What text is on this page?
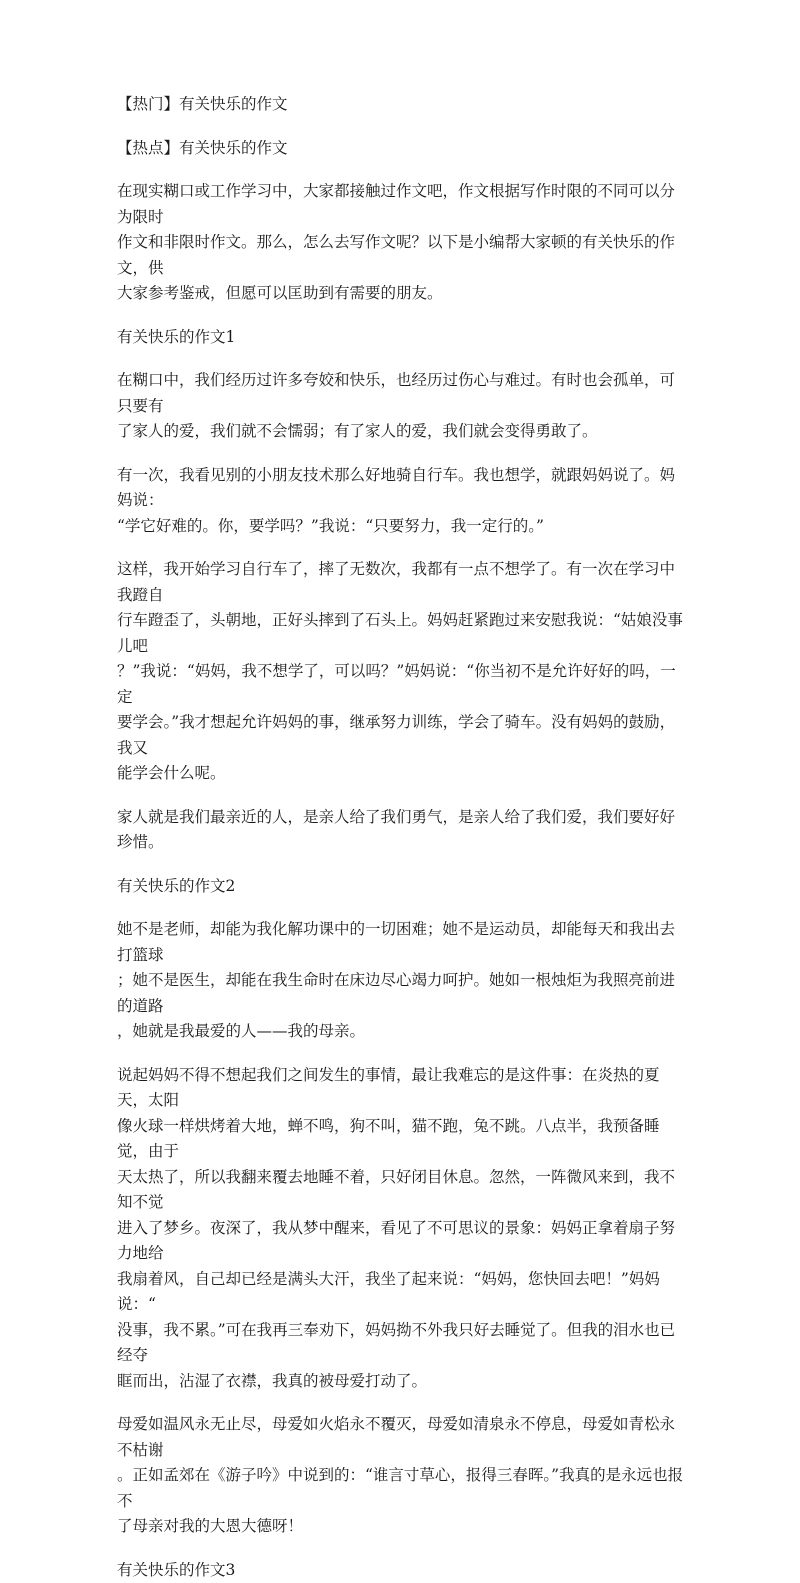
【热门】有关快乐的作文
【热点】有关快乐的作文
在现实糊口或工作学习中，大家都接触过作文吧，作文根据写作时限的不同可以分为限时
作文和非限时作文。那么，怎么去写作文呢？以下是小编帮大家顿的有关快乐的作文，供
大家参考鉴戒，但愿可以匡助到有需要的朋友。
有关快乐的作文1
在糊口中，我们经历过许多夸姣和快乐，也经历过伤心与难过。有时也会孤单，可只要有
了家人的爱，我们就不会懦弱；有了家人的爱，我们就会变得勇敢了。
有一次，我看见别的小朋友技术那么好地骑自行车。我也想学，就跟妈妈说了。妈妈说：
“学它好难的。你，要学吗？”我说：“只要努力，我一定行的。”
这样，我开始学习自行车了，摔了无数次，我都有一点不想学了。有一次在学习中我蹬自
行车蹬歪了，头朝地，正好头摔到了石头上。妈妈赶紧跑过来安慰我说：“姑娘没事儿吧
？”我说：“妈妈，我不想学了，可以吗？”妈妈说：“你当初不是允许好好的吗，一定
要学会。”我才想起允许妈妈的事，继承努力训练，学会了骑车。没有妈妈的鼓励，我又
能学会什么呢。
家人就是我们最亲近的人，是亲人给了我们勇气，是亲人给了我们爱，我们要好好珍惜。
有关快乐的作文2
她不是老师，却能为我化解功课中的一切困难；她不是运动员，却能每天和我出去打篮球
；她不是医生，却能在我生命时在床边尽心竭力呵护。她如一根烛炬为我照亮前进的道路
，她就是我最爱的人——我的母亲。
说起妈妈不得不想起我们之间发生的事情，最让我难忘的是这件事：在炎热的夏天，太阳
像火球一样烘烤着大地，蝉不鸣，狗不叫，猫不跑，兔不跳。八点半，我预备睡觉，由于
天太热了，所以我翻来覆去地睡不着，只好闭目休息。忽然，一阵微风来到，我不知不觉
进入了梦乡。夜深了，我从梦中醒来，看见了不可思议的景象：妈妈正拿着扇子努力地给
我扇着风，自己却已经是满头大汗，我坐了起来说：“妈妈，您快回去吧！”妈妈说：“
没事，我不累。”可在我再三奉劝下，妈妈拗不外我只好去睡觉了。但我的泪水也已经夺
眶而出，沾湿了衣襟，我真的被母爱打动了。
母爱如温风永无止尽，母爱如火焰永不覆灭，母爱如清泉永不停息，母爱如青松永不枯谢
。正如孟郊在《游子吟》中说到的：“谁言寸草心，报得三春晖。”我真的是永远也报不
了母亲对我的大恩大德呀！
有关快乐的作文3
